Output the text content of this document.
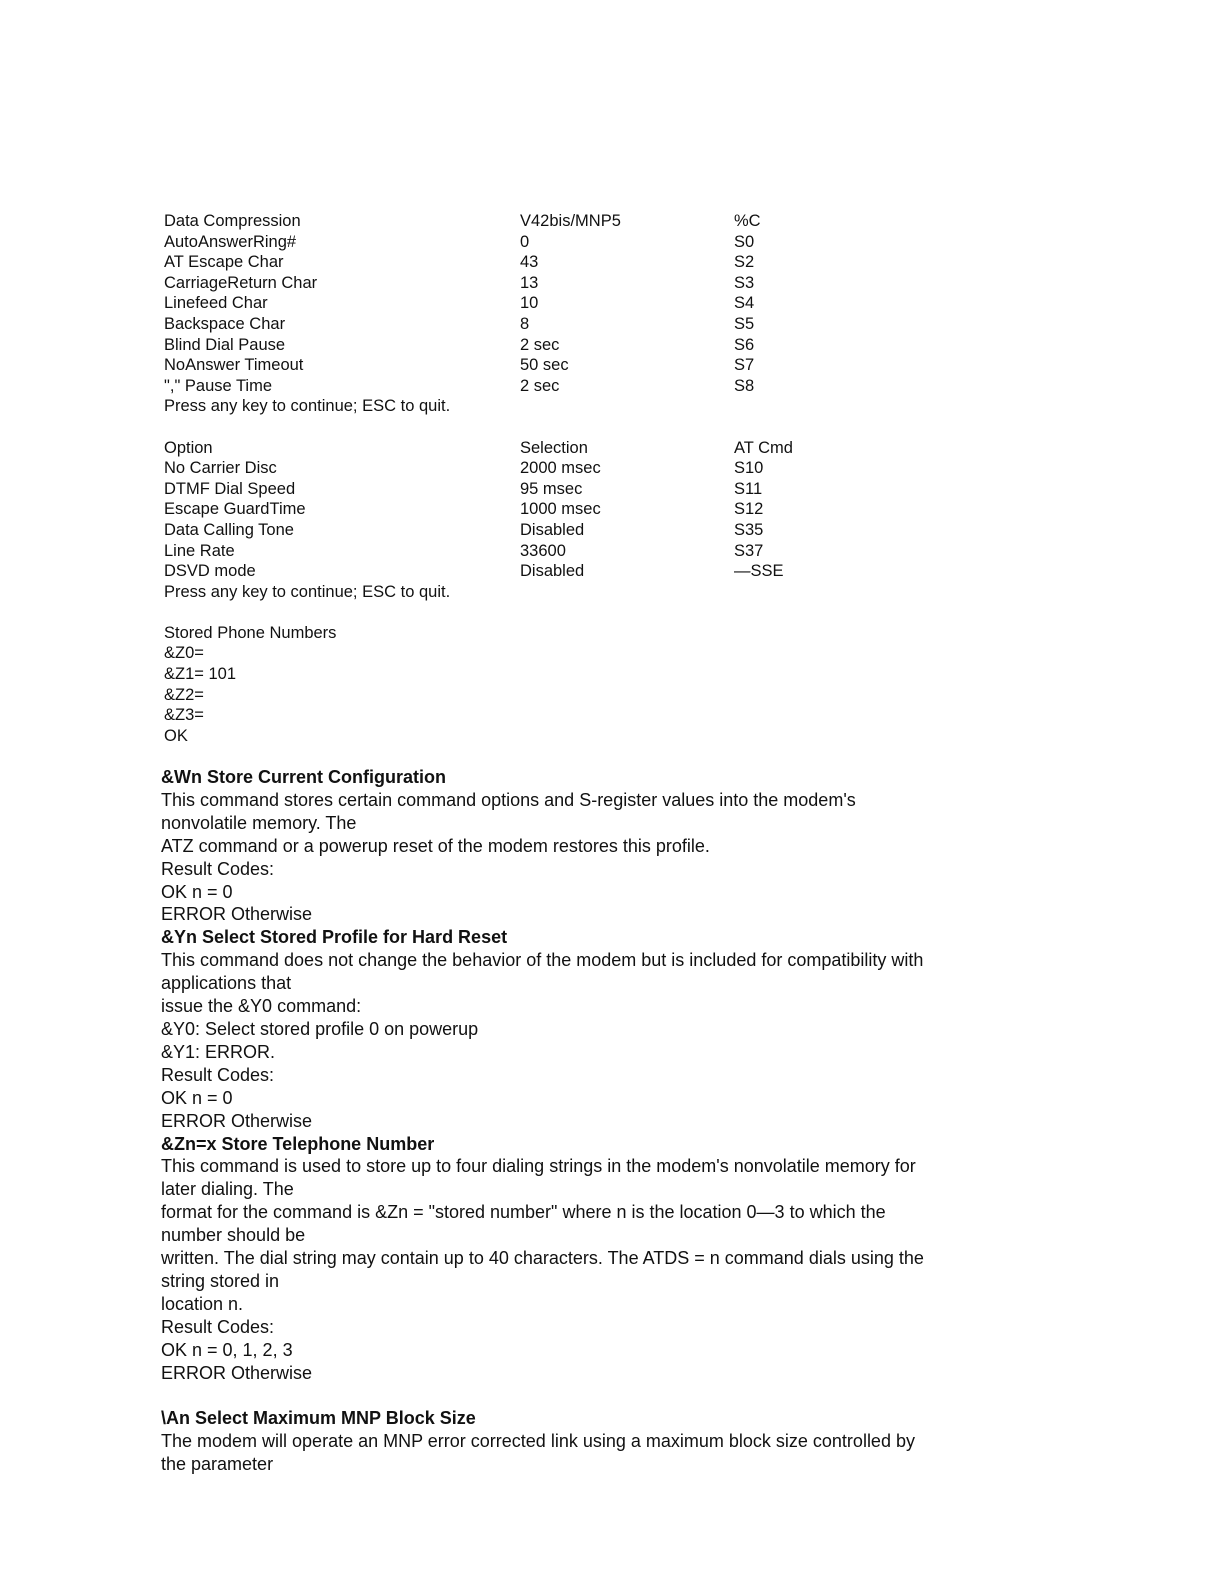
Data Compression	V42bis/MNP5	%C
AutoAnswerRing#	0	S0
AT Escape Char	43	S2
CarriageReturn Char	13	S3
Linefeed Char	10	S4
Backspace Char	8	S5
Blind Dial Pause	2 sec	S6
NoAnswer Timeout	50 sec	S7
"," Pause Time	2 sec	S8
Press any key to continue; ESC to quit.
Option	Selection	AT Cmd
No Carrier Disc	2000 msec	S10
DTMF Dial Speed	95 msec	S11
Escape GuardTime	1000 msec	S12
Data Calling Tone	Disabled	S35
Line Rate	33600	S37
DSVD mode	Disabled	—SSE
Press any key to continue; ESC to quit.
Stored Phone Numbers
&Z0=
&Z1= 101
&Z2=
&Z3=
OK

&Wn Store Current Configuration

This command stores certain command options and S-register values into the modem's

nonvolatile memory. The

ATZ command or a powerup reset of the modem restores this profile.

Result Codes:

OK n = 0

ERROR Otherwise

&Yn Select Stored Profile for Hard Reset

This command does not change the behavior of the modem but is included for compatibility with

applications that

issue the &Y0 command:

&Y0: Select stored profile 0 on powerup

&Y1: ERROR.

Result Codes:

OK n = 0

ERROR Otherwise

&Zn=x Store Telephone Number

This command is used to store up to four dialing strings in the modem's nonvolatile memory for

later dialing. The

format for the command is &Zn = "stored number" where n is the location 0—3 to which the

number should be

written. The dial string may contain up to 40 characters. The ATDS = n command dials using the

string stored in

location n.

Result Codes:

OK n = 0, 1, 2, 3

ERROR Otherwise

\An Select Maximum MNP Block Size

The modem will operate an MNP error corrected link using a maximum block size controlled by

the parameter
